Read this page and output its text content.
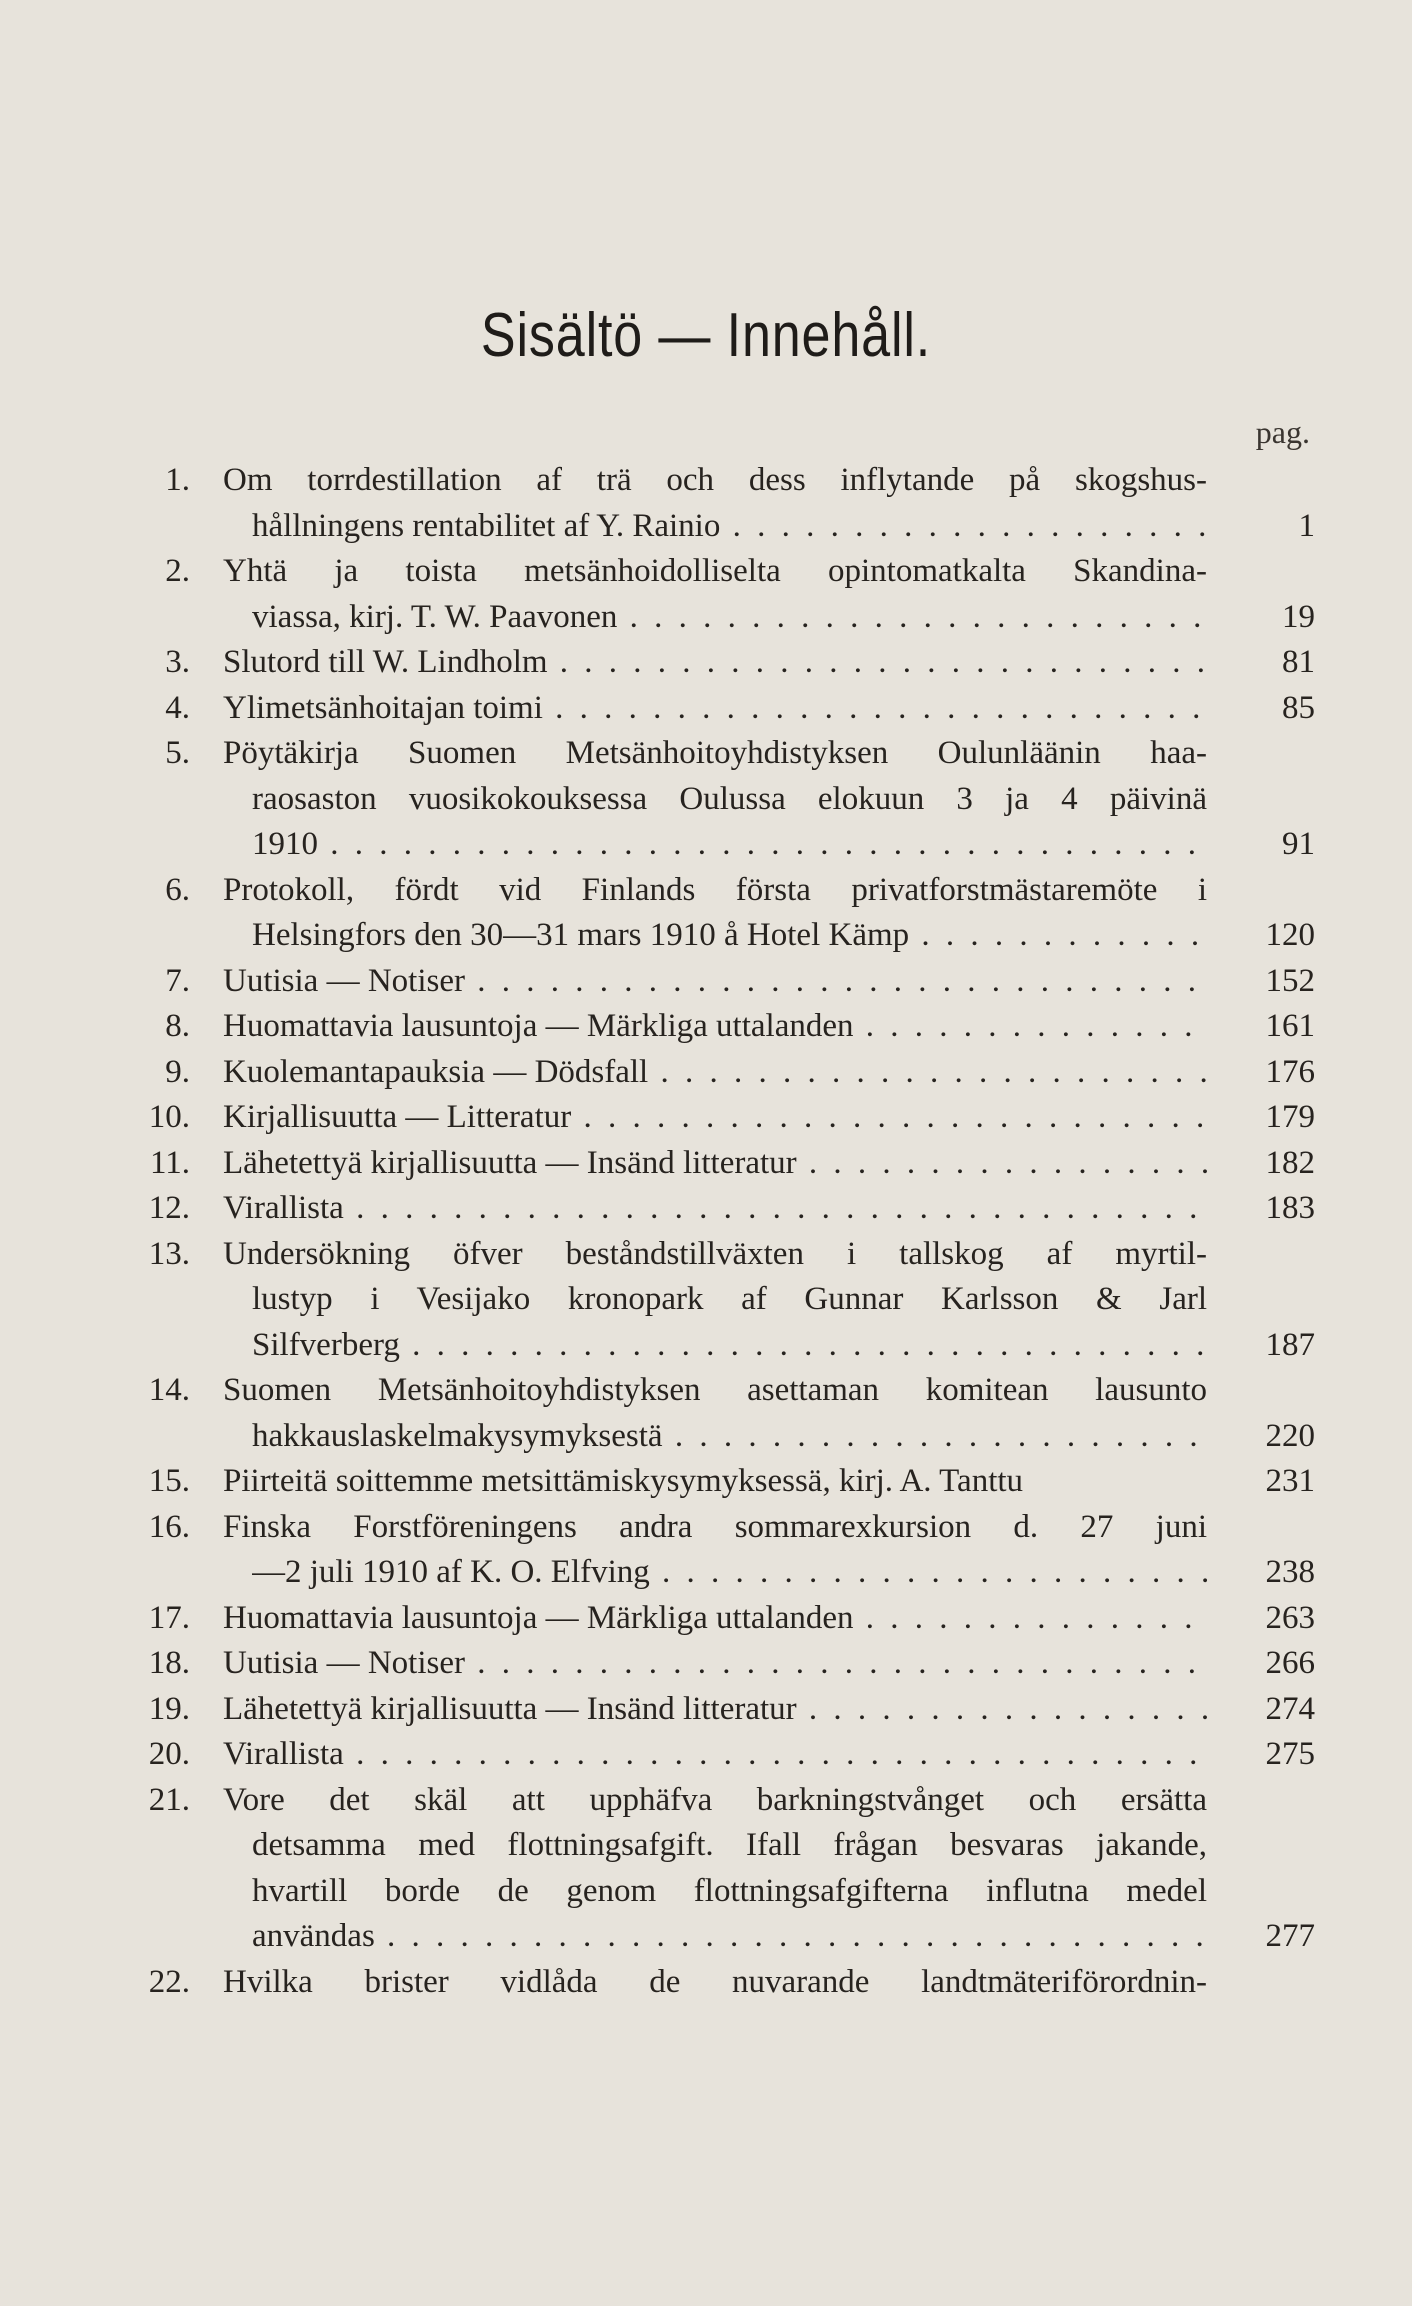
Sisältö — Innehåll.
pag.
1. Om torrdestillation af trä och dess inflytande på skogshus-
hållningens rentabilitet af Y. Rainio . . .	1
2. Yhtä ja toista metsänhoidolliselta opintomatkalta Skandina-
viassa, kirj. T. W. Paavonen . . .	19
3. Slutord till W. Lindholm . . .	81
4. Ylimetsänhoitajan toimi . . .	85
5. Pöytäkirja Suomen Metsänhoitoyhdistyksen Oulunläänin haa-
raosaston vuosikokouksessa Oulussa elokuun 3 ja 4 päivinä
1910 . . .	91
6. Protokoll, fördt vid Finlands första privatforstmästaremöte i
Helsingfors den 30—31 mars 1910 å Hotel Kämp . . .	120
7. Uutisia — Notiser . . .	152
8. Huomattavia lausuntoja — Märkliga uttalanden . . .	161
9. Kuolemantapauksia — Dödsfall . . .	176
10. Kirjallisuutta — Litteratur . . .	179
11. Lähetettyä kirjallisuutta — Insänd litteratur . . .	182
12. Virallista . . .	183
13. Undersökning öfver beståndstillväxten i tallskog af myrtil-
lustyp i Vesijako kronopark af Gunnar Karlsson & Jarl
Silfverberg . . .	187
14. Suomen Metsänhoitoyhdistyksen asettaman komitean lausunto
hakkauslaskelmakysymyksestä . . .	220
15. Piirteitä soittemme metsittämiskysymyksessä, kirj. A. Tanttu	231
16. Finska Forstföreningens andra sommarexkursion d. 27 juni
—2 juli 1910 af K. O. Elfving . . .	238
17. Huomattavia lausuntoja — Märkliga uttalanden . . .	263
18. Uutisia — Notiser . . .	266
19. Lähetettyä kirjallisuutta — Insänd litteratur . . .	274
20. Virallista . . .	275
21. Vore det skäl att upphäfva barkningstvånget och ersätta
detsamma med flottningsafgift. Ifall frågan besvaras jakande,
hvartill borde de genom flottningsafgifterna influtna medel
användas . . .	277
22. Hvilka brister vidlåda de nuvarande landtmäteriförordnin-
